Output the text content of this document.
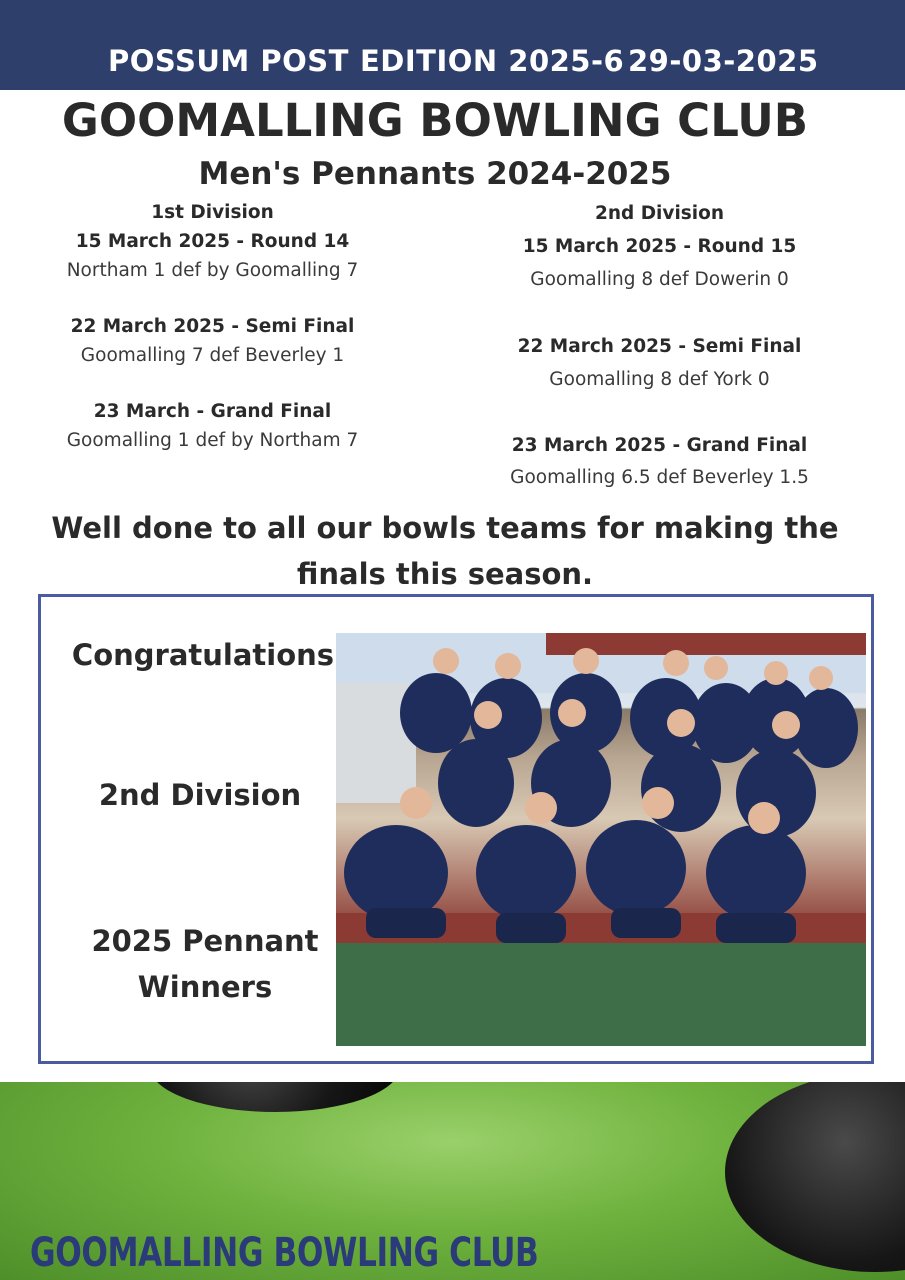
POSSUM POST EDITION 2025-6 29-03-2025
GOOMALLING BOWLING CLUB
Men's Pennants 2024-2025
1st Division
15 March 2025 - Round 14
Northam 1 def by Goomalling 7
22 March 2025 - Semi Final
Goomalling 7 def Beverley 1
23 March - Grand Final
Goomalling 1 def by Northam 7
2nd Division
15 March 2025 - Round 15
Goomalling 8 def Dowerin 0
22 March 2025 - Semi Final
Goomalling 8 def York 0
23 March 2025 - Grand Final
Goomalling 6.5 def Beverley 1.5
Well done to all our bowls teams for making the
finals this season.
Congratulations
2nd Division
2025 Pennant
Winners
GOOMALLING BOWLING CLUB
